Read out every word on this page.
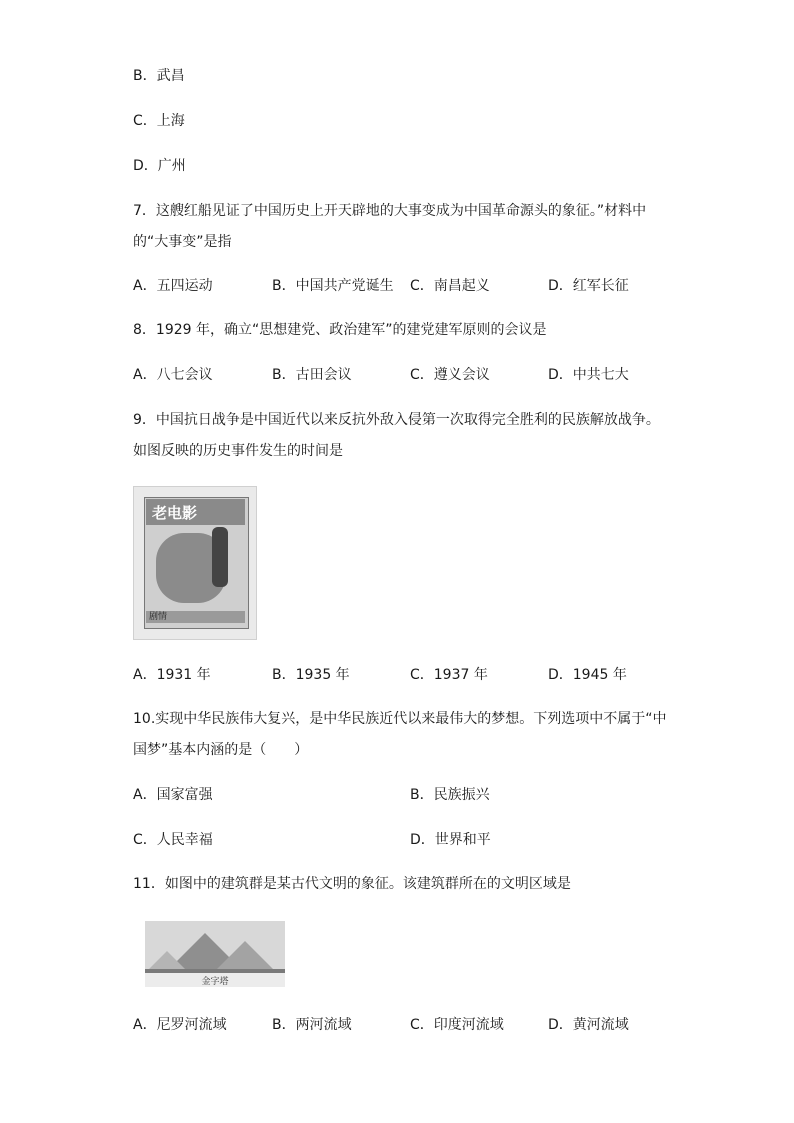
B．武昌
C．上海
D．广州
7．这艘红船见证了中国历史上开天辟地的大事变成为中国革命源头的象征。”材料中
的“大事变”是指
A．五四运动	B．中国共产党诞生 C．南昌起义	D．红军长征
8．1929 年，确立“思想建党、政治建军”的建党建军原则的会议是
A．八七会议	B．古田会议	C．遵义会议	D．中共七大
9．中国抗日战争是中国近代以来反抗外敌入侵第一次取得完全胜利的民族解放战争。
如图反映的历史事件发生的时间是
老电影
剧情
A．1931 年	B．1935 年	C．1937 年	D．1945 年
10.实现中华民族伟大复兴，是中华民族近代以来最伟大的梦想。下列选项中不属于“中
国梦”基本内涵的是（　　）
A．国家富强	B．民族振兴
C．人民幸福	D．世界和平
11．如图中的建筑群是某古代文明的象征。该建筑群所在的文明区域是
金字塔
A．尼罗河流域	B．两河流域	C．印度河流域	D．黄河流域
